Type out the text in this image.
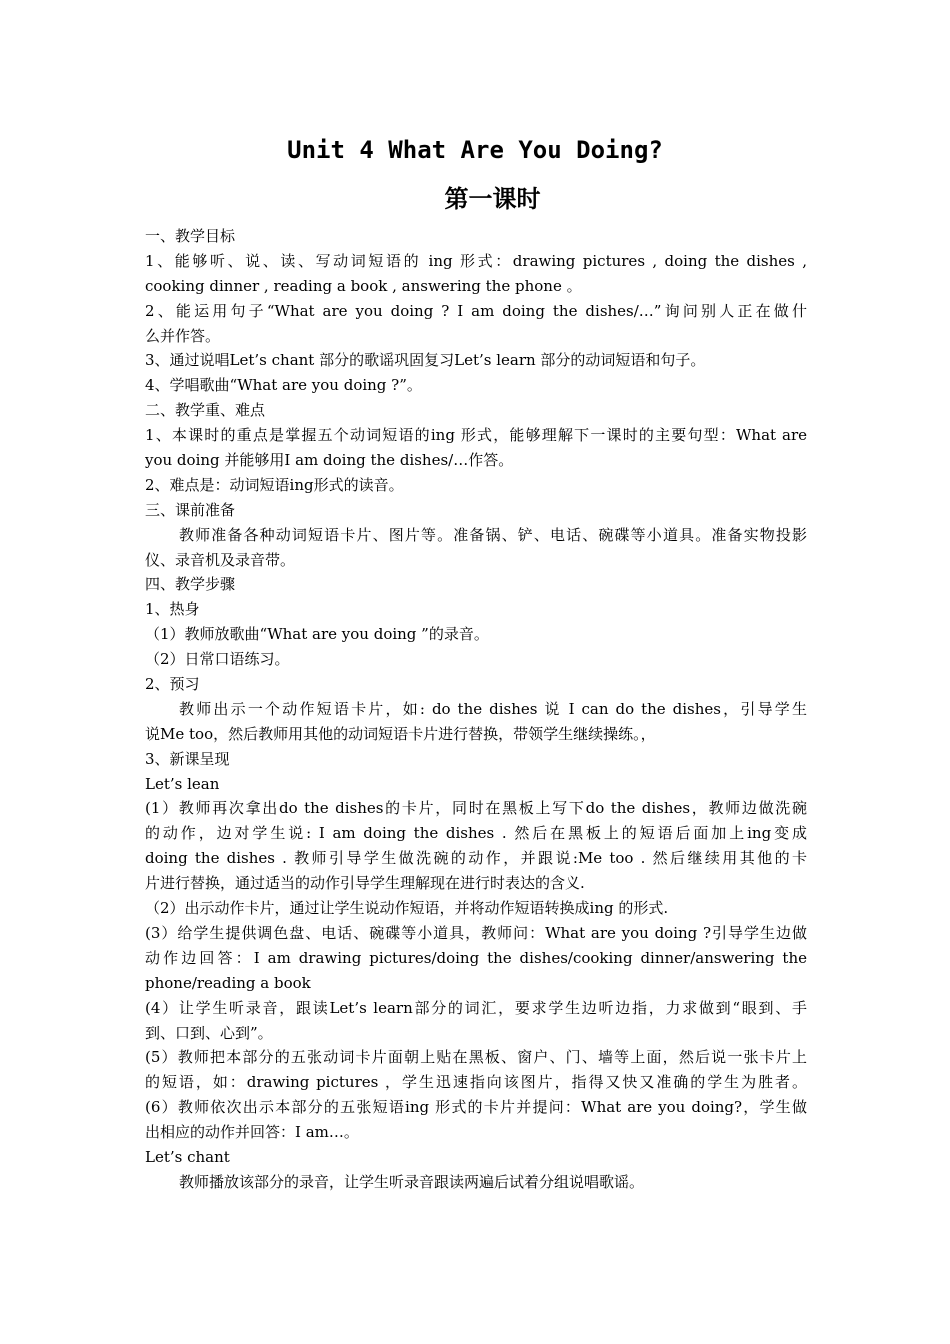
Unit 4 What Are You Doing?
第一课时
一、教学目标
1、能够听、说、读、写动词短语的 ing 形式：drawing pictures , doing the dishes ,
cooking dinner , reading a book , answering the phone 。
2、能运用句子“What are you doing ? I am doing the dishes/…”询问别人正在做什
么并作答。
3、通过说唱Let’s chant 部分的歌谣巩固复习Let’s learn 部分的动词短语和句子。
4、学唱歌曲“What are you doing ?”。
二、教学重、难点
1、本课时的重点是掌握五个动词短语的ing 形式，能够理解下一课时的主要句型：What are
you doing 并能够用I am doing the dishes/…作答。
2、难点是：动词短语ing形式的读音。
三、课前准备
教师准备各种动词短语卡片、图片等。准备锅、铲、电话、碗碟等小道具。准备实物投影
仪、录音机及录音带。
四、教学步骤
1、热身
（1）教师放歌曲“What are you doing ”的录音。
（2）日常口语练习。
2、预习
教师出示一个动作短语卡片，如: do the dishes 说 I can do the dishes，引导学生
说Me too，然后教师用其他的动词短语卡片进行替换，带领学生继续操练。，
3、新课呈现
Let’s lean
(1）教师再次拿出do the dishes的卡片，同时在黑板上写下do the dishes，教师边做洗碗
的动作，边对学生说: I am doing the dishes . 然后在黑板上的短语后面加上ing变成
doing the dishes . 教师引导学生做洗碗的动作，并跟说:Me too . 然后继续用其他的卡
片进行替换，通过适当的动作引导学生理解现在进行时表达的含义.
（2）出示动作卡片，通过让学生说动作短语，并将动作短语转换成ing 的形式.
(3）给学生提供调色盘、电话、碗碟等小道具，教师问：What are you doing ?引导学生边做
动作边回答：I am drawing pictures/doing the dishes/cooking dinner/answering the
phone/reading a book
(4）让学生听录音，跟读Let’s learn部分的词汇，要求学生边听边指，力求做到“眼到、手
到、口到、心到”。
(5）教师把本部分的五张动词卡片面朝上贴在黑板、窗户、门、墙等上面，然后说一张卡片上
的短语，如：drawing pictures ，学生迅速指向该图片，指得又快又准确的学生为胜者。
(6）教师依次出示本部分的五张短语ing 形式的卡片并提问：What are you doing?，学生做
出相应的动作并回答：I am…。
Let’s chant
教师播放该部分的录音，让学生听录音跟读两遍后试着分组说唱歌谣。
